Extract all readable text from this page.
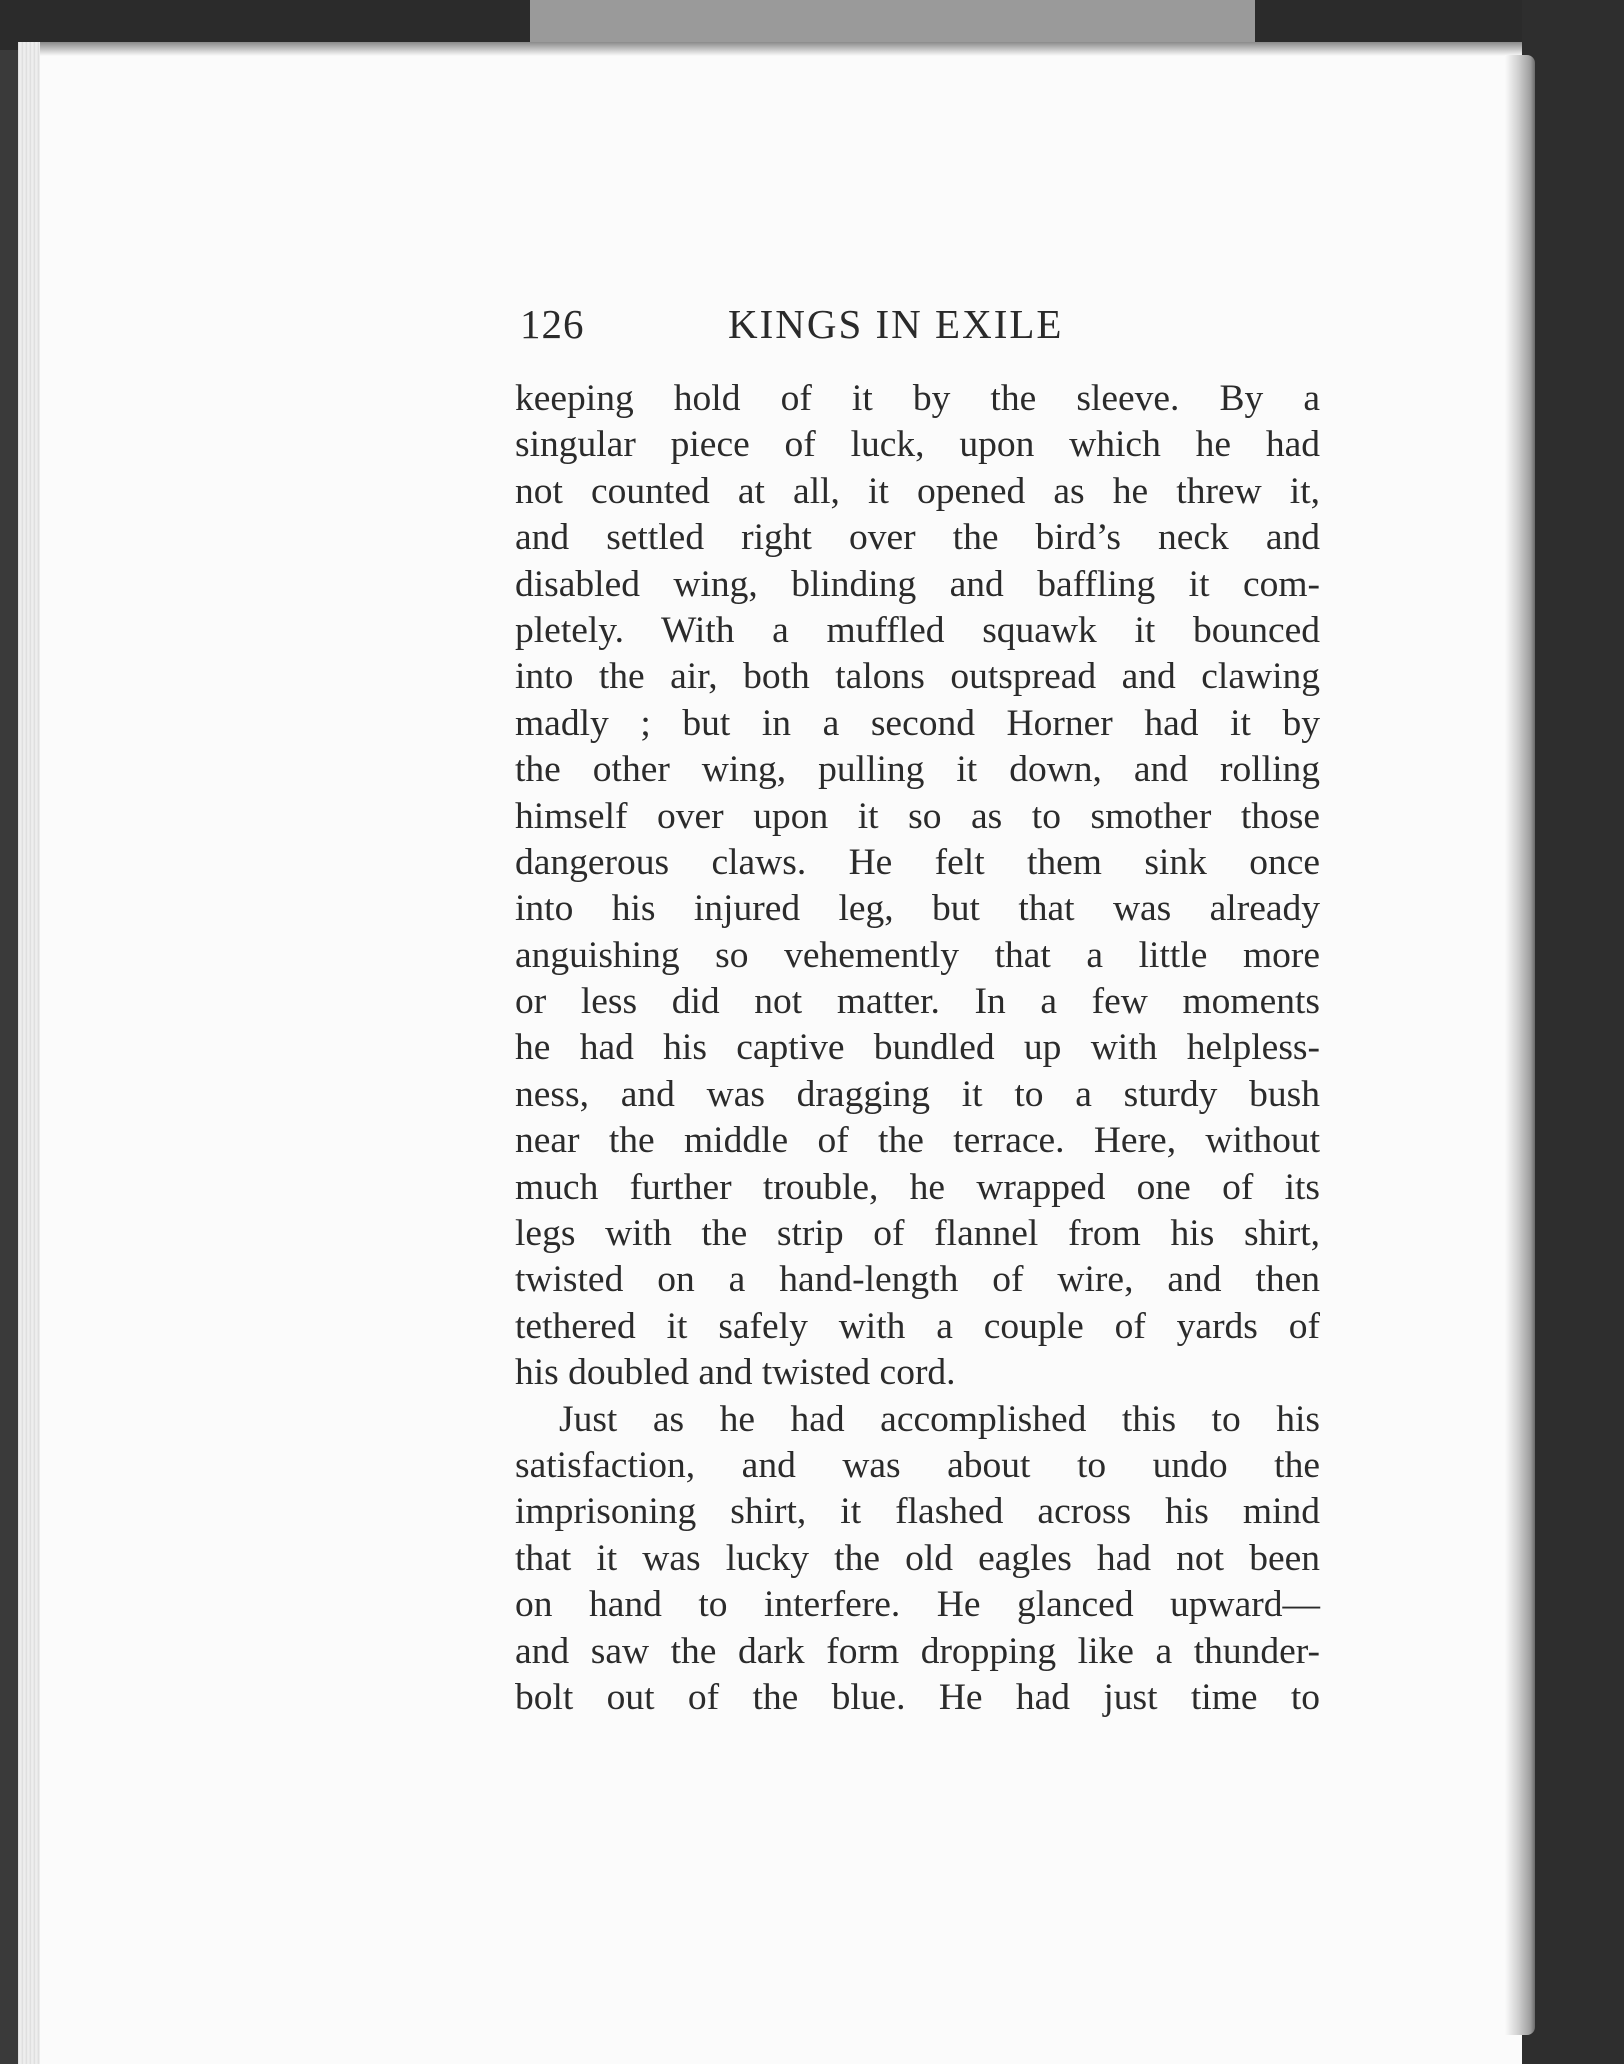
126	KINGS IN EXILE
keeping hold of it by the sleeve. By a
singular piece of luck, upon which he had
not counted at all, it opened as he threw it,
and settled right over the bird’s neck and
disabled wing, blinding and baffling it com-
pletely. With a muffled squawk it bounced
into the air, both talons outspread and clawing
madly ; but in a second Horner had it by
the other wing, pulling it down, and rolling
himself over upon it so as to smother those
dangerous claws. He felt them sink once
into his injured leg, but that was already
anguishing so vehemently that a little more
or less did not matter. In a few moments
he had his captive bundled up with helpless-
ness, and was dragging it to a sturdy bush
near the middle of the terrace. Here, without
much further trouble, he wrapped one of its
legs with the strip of flannel from his shirt,
twisted on a hand-length of wire, and then
tethered it safely with a couple of yards of
his doubled and twisted cord.
Just as he had accomplished this to his
satisfaction, and was about to undo the
imprisoning shirt, it flashed across his mind
that it was lucky the old eagles had not been
on hand to interfere. He glanced upward—
and saw the dark form dropping like a thunder-
bolt out of the blue. He had just time to
